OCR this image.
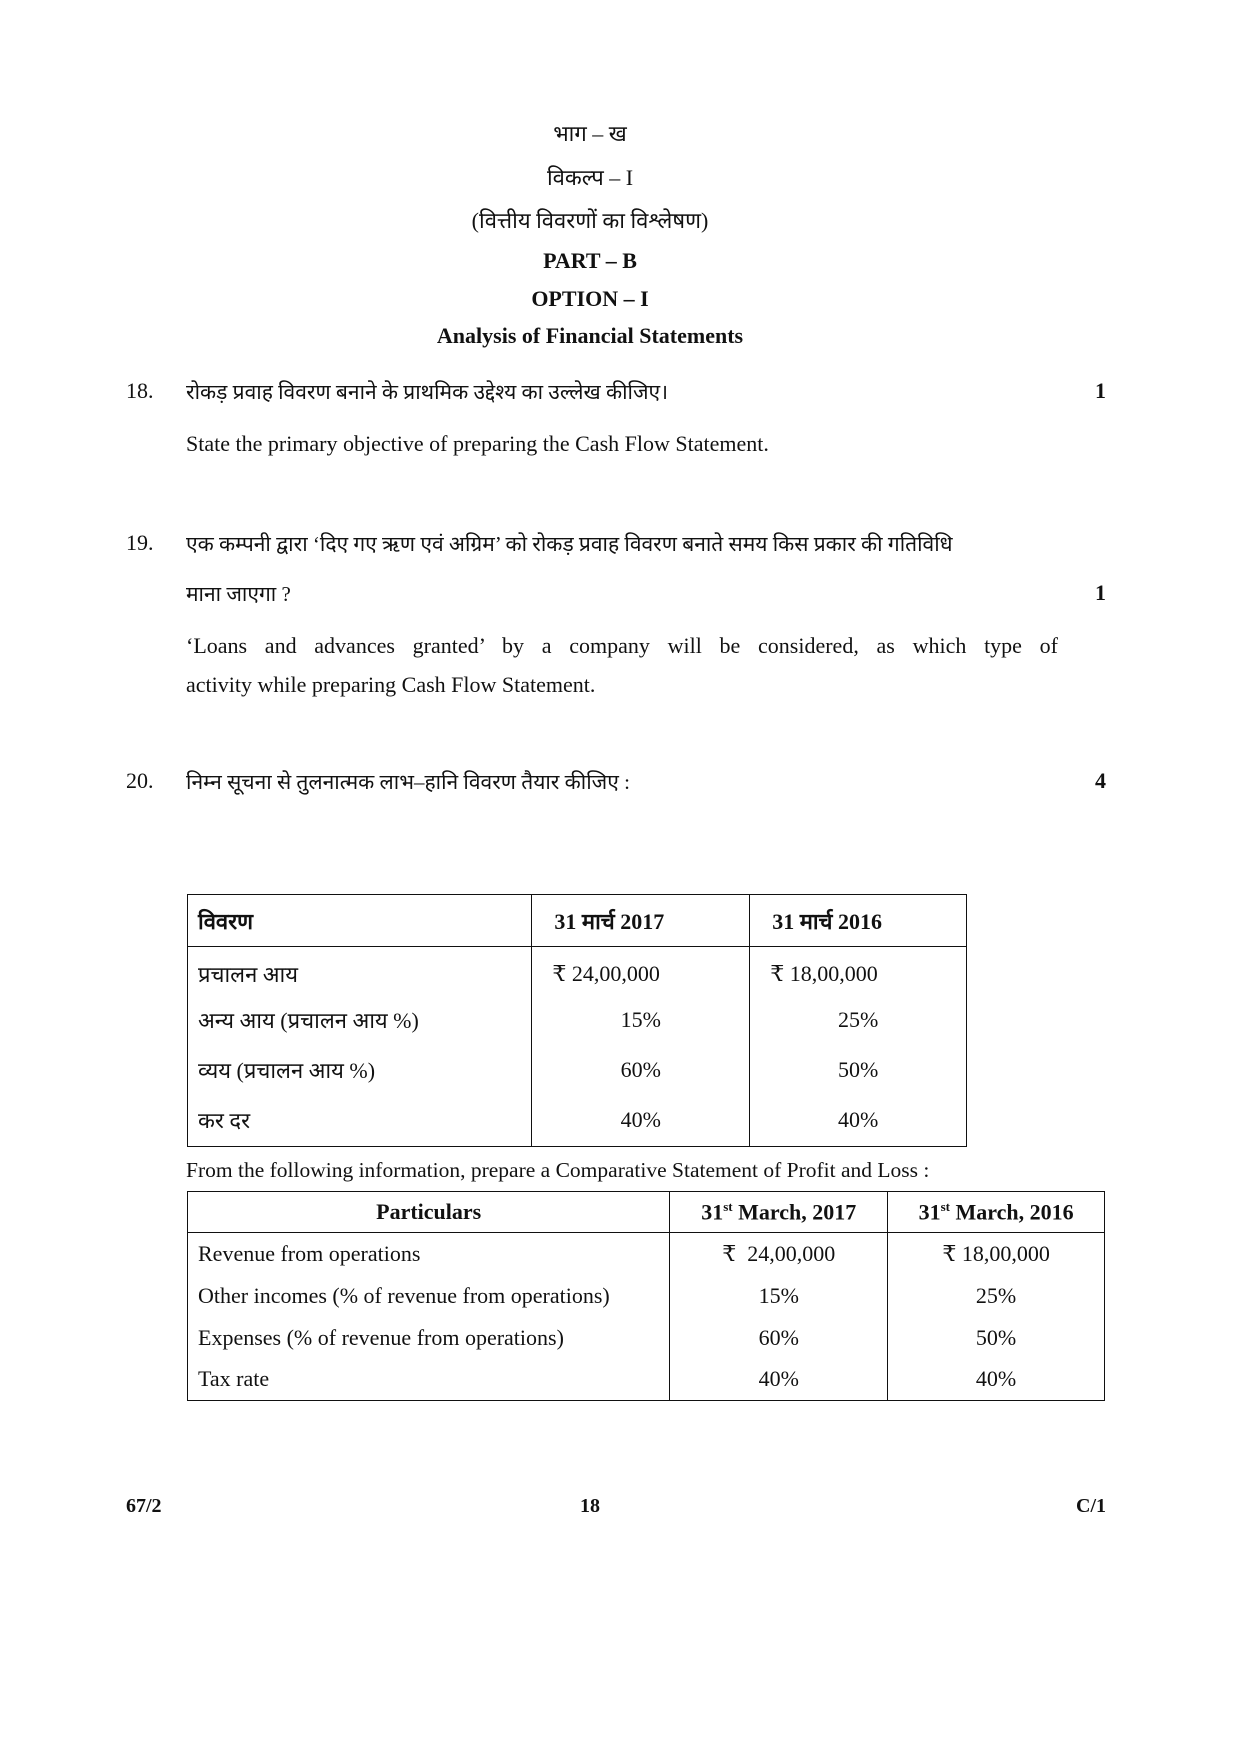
भाग – ख
विकल्प – I
(वित्तीय विवरणों का विश्लेषण)
PART – B
OPTION – I
Analysis of Financial Statements
18. रोकड़ प्रवाह विवरण बनाने के प्राथमिक उद्देश्य का उल्लेख कीजिए।	1
State the primary objective of preparing the Cash Flow Statement.
19. एक कम्पनी द्वारा ‘दिए गए ऋण एवं अग्रिम’ को रोकड़ प्रवाह विवरण बनाते समय किस प्रकार की गतिविधि
माना जाएगा ?	1
‘Loans and advances granted’ by a company will be considered, as which type of
activity while preparing Cash Flow Statement.
20. निम्न सूचना से तुलनात्मक लाभ–हानि विवरण तैयार कीजिए :	4
विवरण	31 मार्च 2017	31 मार्च 2016
प्रचालन आय	₹ 24,00,000	₹ 18,00,000
अन्य आय (प्रचालन आय %)	15%	25%
व्यय (प्रचालन आय %)	60%	50%
कर दर	40%	40%
From the following information, prepare a Comparative Statement of Profit and Loss :
Particulars	31st March, 2017	31st March, 2016
Revenue from operations	₹  24,00,000	₹ 18,00,000
Other incomes (% of revenue from operations)	15%	25%
Expenses (% of revenue from operations)	60%	50%
Tax rate	40%	40%
67/2	18	C/1
